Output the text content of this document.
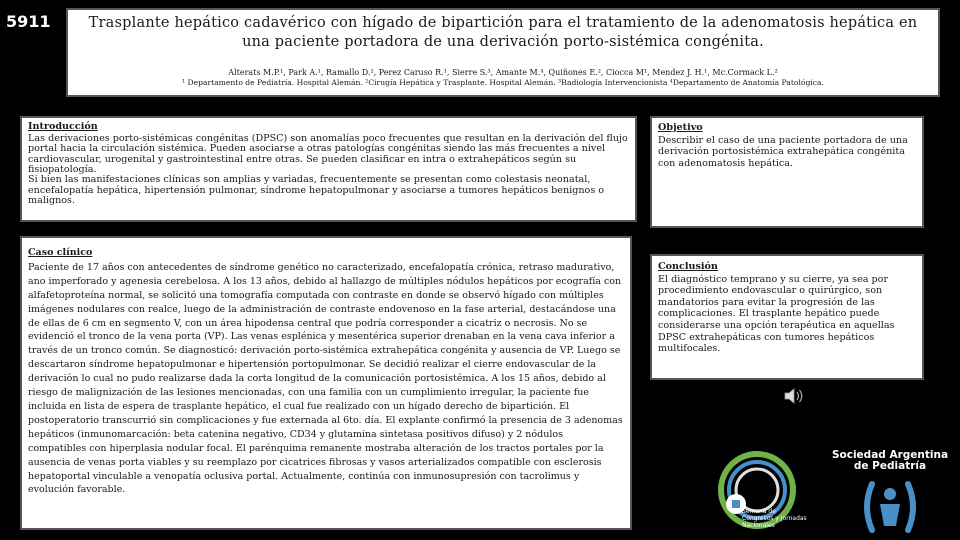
5911	Trasplante hepático cadavérico con hígado de bipartición para el tratamiento de la adenomatosis hepática en una paciente portadora de una derivación porto-sistémica congénita.
Alterats M.P.¹, Park A.¹, Ramallo D.², Perez Caruso R.¹, Sierre S.³, Amante M.⁴, Quiñones E.², Ciocca M¹, Mendez J. H.¹, Mc.Cormack L.²
¹ Departamento de Pediatría. Hospital Alemán. ²Cirugía Hepática y Trasplante. Hospital Alemán. ³Radiología Intervencionista ⁴Departamento de Anatomía Patológica.
Introducción

Las derivaciones porto-sistémicas congénitas (DPSC) son anomalías poco frecuentes que resultan en la derivación del flujo portal hacia la circulación sistémica. Pueden asociarse a otras patologías congénitas siendo las más frecuentes a nivel cardiovascular, urogenital y gastrointestinal entre otras. Se pueden clasificar en intra o extrahepáticos según su fisiopatología.

Si bien las manifestaciones clínicas son amplias y variadas, frecuentemente se presentan como colestasis neonatal, encefalopatía hepática, hipertensión pulmonar, síndrome hepatopulmonar y asociarse a tumores hepáticos benignos o malignos.

Caso clínico

Paciente de 17 años con antecedentes de síndrome genético no caracterizado, encefalopatía crónica, retraso madurativo, ano imperforado y agenesia cerebelosa. A los 13 años, debido al hallazgo de múltiples nódulos hepáticos por ecografía con alfafetoproteína normal, se solicitó una tomografía computada con contraste en donde se observó hígado con múltiples imágenes nodulares con realce, luego de la administración de contraste endovenoso en la fase arterial, destacándose una de ellas de 6 cm en segmento V, con un área hipodensa central que podría corresponder a cicatriz o necrosis. No se evidenció el tronco de la vena porta (VP). Las venas esplénica y mesentérica superior drenaban en la vena cava inferior a través de un tronco común. Se diagnosticó: derivación porto-sistémica extrahepática congénita y ausencia de VP. Luego se descartaron síndrome hepatopulmonar e hipertensión portopulmonar. Se decidió realizar el cierre endovascular de la derivación lo cual no pudo realizarse dada la corta longitud de la comunicación portosistémica. A los 15 años, debido al riesgo de malignización de las lesiones mencionadas, con una familia con un cumplimiento irregular, la paciente fue incluida en lista de espera de trasplante hepático, el cual fue realizado con un hígado derecho de bipartición. El postoperatorio transcurrió sin complicaciones y fue externada al 6to. día. El explante confirmó la presencia de 3 adenomas hepáticos (inmunomarcación: beta catenina negativo, CD34 y glutamina sintetasa positivos difuso) y 2 nódulos compatibles con hiperplasia nodular focal. El parénquima remanente mostraba alteración de los tractos portales por la ausencia de venas porta viables y su reemplazo por cicatrices fibrosas y vasos arterializados compatible con esclerosis hepatoportal vinculable a venopatía oclusiva portal. Actualmente, continúa con inmunosupresión con tacrolimus y evolución favorable.

Objetivo

Describir el caso de una paciente portadora de una derivación portosistémica extrahepática congénita con adenomatosis hepática.

Conclusión

El diagnóstico temprano y su cierre, ya sea por procedimiento endovascular o quirúrgico, son mandatorios para evitar la progresión de las complicaciones. El trasplante hepático puede considerarse una opción terapéutica en aquellas DPSC extrahepáticas con tumores hepáticos multifocales.

Semana de Congresos y Jornadas Nacionales
Sociedad Argentina de Pediatría
